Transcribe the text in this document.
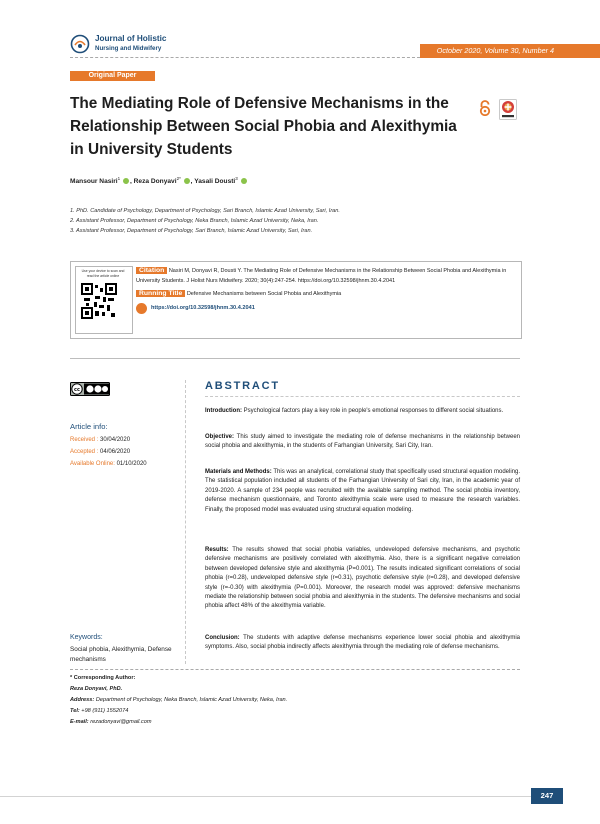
Journal of Holistic
Nursing and Midwifery	October 2020, Volume 30, Number 4
Original Paper
The Mediating Role of Defensive Mechanisms in the Relationship Between Social Phobia and Alexithymia in University Students
Mansour Nasiri$^1$ , Reza Donyavi$^{2*}$ , Yasali Dousti$^3$
1. PhD. Candidate of Psychology, Department of Psychology, Sari Branch, Islamic Azad University, Sari, Iran.
2. Assistant Professor, Department of Psychology, Neka Branch, Islamic Azad University, Neka, Iran.
3. Assistant Professor, Department of Psychology, Sari Branch, Islamic Azad University, Sari, Iran.
Use your device to scan and read the article online
Citation Nasiri M, Donyavi R, Dousti Y. The Mediating Role of Defensive Mechanisms in the Relationship Between Social Phobia and Alexithymia in University Students. J Holist Nurs Midwifery. 2020; 30(4):247-254. https://doi.org/10.32598/jhnm.30.4.2041
Running Title Defensive Mechanisms between Social Phobia and Alexithymia
https://doi.org/10.32598/jhnm.30.4.2041
cc
Article info:
Received : 30/04/2020
Accepted : 04/06/2020
Available Online: 01/10/2020
Keywords:
Social phobia, Alexithymia, Defense mechanisms
ABSTRACT
Introduction: Psychological factors play a key role in people's emotional responses to different social situations.
Objective: This study aimed to investigate the mediating role of defense mechanisms in the relationship between social phobia and alexithymia, in the students of Farhangian University, Sari City, Iran.
Materials and Methods: This was an analytical, correlational study that specifically used structural equation modeling. The statistical population included all students of the Farhangian University of Sari city, Iran, in the academic year of 2019-2020. A sample of 234 people was recruited with the available sampling method. The social phobia inventory, defense mechanism questionnaire, and Toronto alexithymia scale were used to measure the research variables. Finally, the proposed model was evaluated using structural equation modeling.
Results: The results showed that social phobia variables, undeveloped defensive mechanisms, and psychotic defensive mechanisms are positively correlated with alexithymia. Also, there is a significant negative correlation between developed defensive style and alexithymia (P=0.001). The results indicated significant correlations of social phobia (r=0.28), undeveloped defensive style (r=0.31), psychotic defensive style (r=0.28), and developed defensive style (r=-0.30) with alexithymia (P=0.001). Moreover, the research model was approved: defensive mechanisms mediate the relationship between social phobia and alexithymia in the students. The defensive mechanisms and social phobia affect 48% of the alexithymia variable.
Conclusion: The students with adaptive defense mechanisms experience lower social phobia and alexithymia symptoms. Also, social phobia indirectly affects alexithymia through the mediating role of defense mechanisms.
* Corresponding Author:
Reza Donyavi, PhD.
Address: Department of Psychology, Neka Branch, Islamic Azad University, Neka, Iran.
Tel: +98 (911) 1552074
E-mail: rezadonyavi@gmail.com
247
